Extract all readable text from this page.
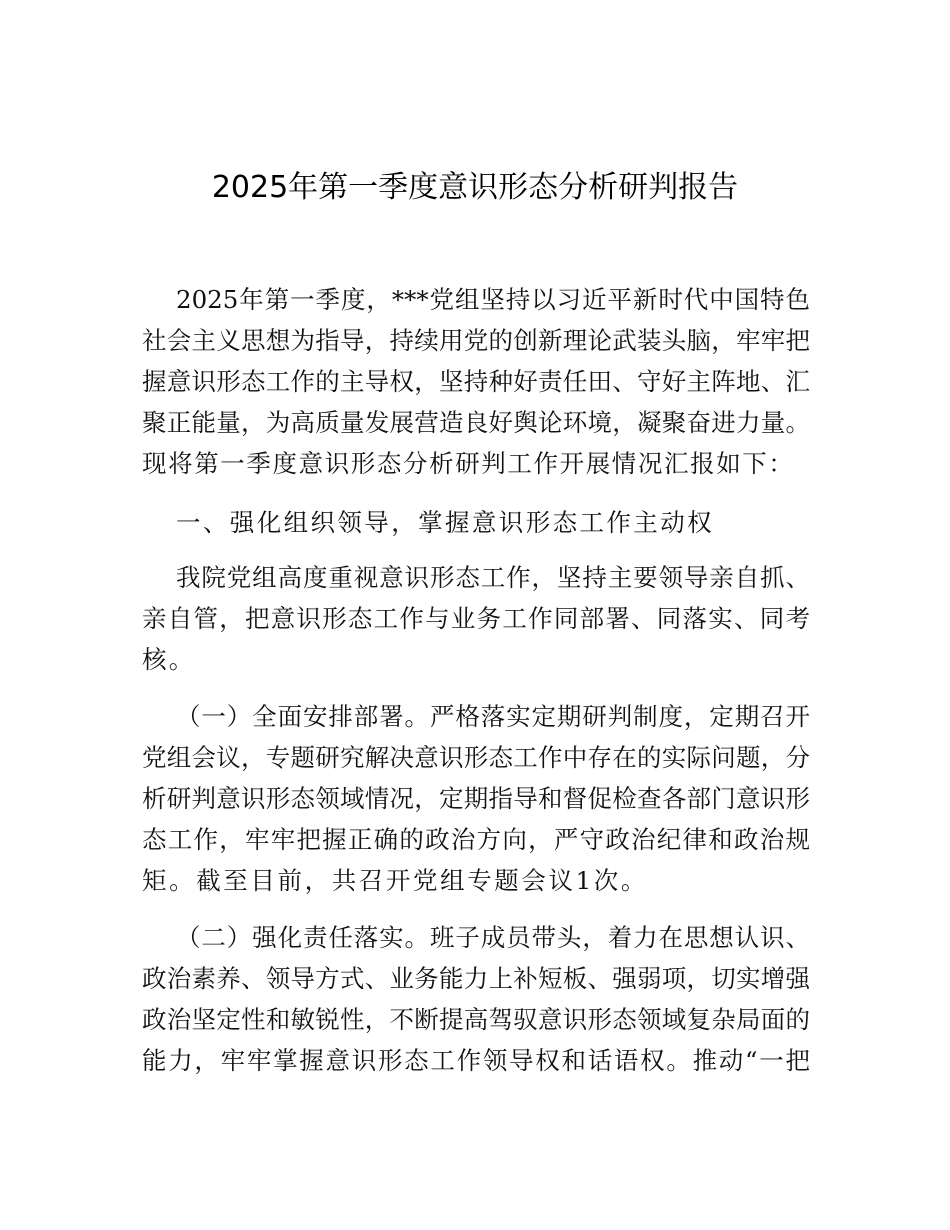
2025年第一季度意识形态分析研判报告
2025年第一季度，***党组坚持以习近平新时代中国特色
社会主义思想为指导，持续用党的创新理论武装头脑，牢牢把
握意识形态工作的主导权，坚持种好责任田、守好主阵地、汇
聚正能量，为高质量发展营造良好舆论环境，凝聚奋进力量。
现将第一季度意识形态分析研判工作开展情况汇报如下：
一、强化组织领导，掌握意识形态工作主动权
我院党组高度重视意识形态工作，坚持主要领导亲自抓、
亲自管，把意识形态工作与业务工作同部署、同落实、同考
核。
（一）全面安排部署。严格落实定期研判制度，定期召开
党组会议，专题研究解决意识形态工作中存在的实际问题，分
析研判意识形态领域情况，定期指导和督促检查各部门意识形
态工作，牢牢把握正确的政治方向，严守政治纪律和政治规
矩。截至目前，共召开党组专题会议1次。
（二）强化责任落实。班子成员带头，着力在思想认识、
政治素养、领导方式、业务能力上补短板、强弱项，切实增强
政治坚定性和敏锐性，不断提高驾驭意识形态领域复杂局面的
能力，牢牢掌握意识形态工作领导权和话语权。推动“一把
